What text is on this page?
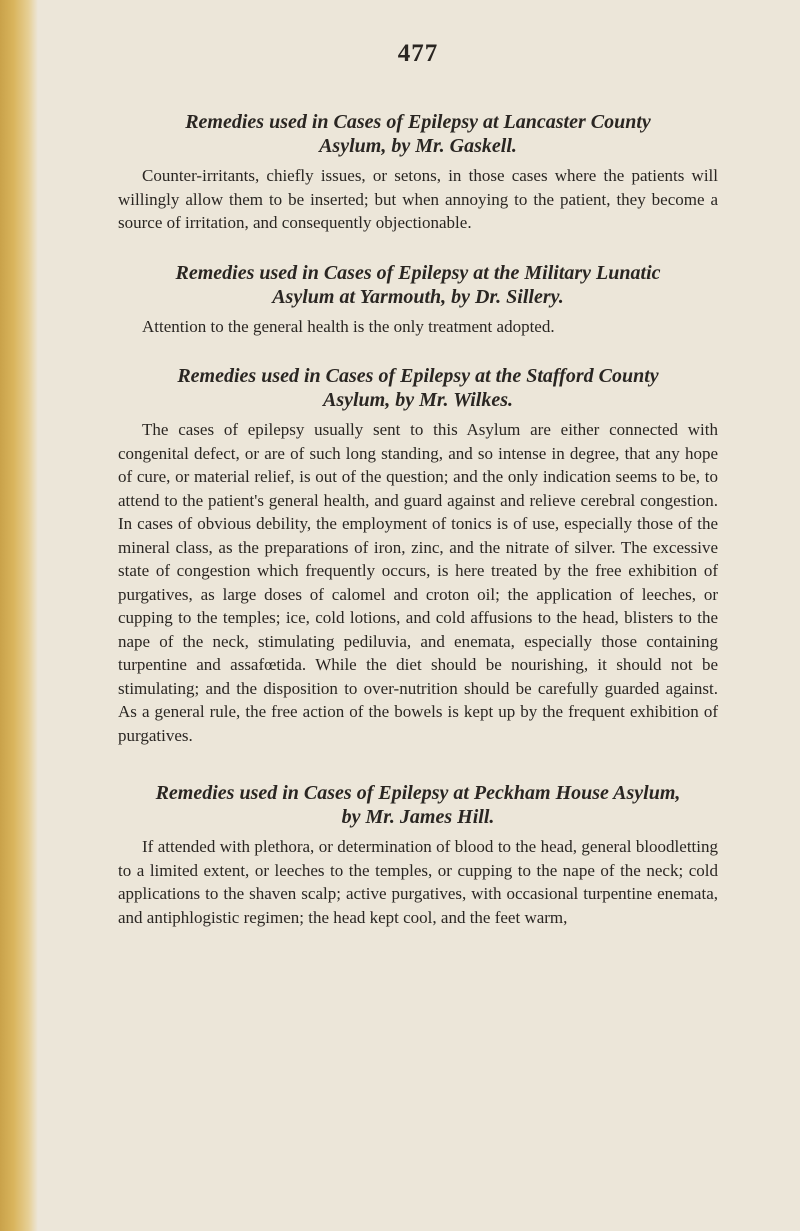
477
Remedies used in Cases of Epilepsy at Lancaster County
Asylum, by Mr. Gaskell.

Counter-irritants, chiefly issues, or setons, in those cases where the patients will willingly allow them to be inserted; but when annoying to the patient, they become a source of irritation, and consequently objectionable.

Remedies used in Cases of Epilepsy at the Military Lunatic
Asylum at Yarmouth, by Dr. Sillery.

Attention to the general health is the only treatment adopted.

Remedies used in Cases of Epilepsy at the Stafford County
Asylum, by Mr. Wilkes.

The cases of epilepsy usually sent to this Asylum are either connected with congenital defect, or are of such long standing, and so intense in degree, that any hope of cure, or material relief, is out of the question; and the only indication seems to be, to attend to the patient's general health, and guard against and relieve cerebral congestion. In cases of obvious debility, the employment of tonics is of use, especially those of the mineral class, as the preparations of iron, zinc, and the nitrate of silver. The excessive state of congestion which frequently occurs, is here treated by the free exhibition of purgatives, as large doses of calomel and croton oil; the application of leeches, or cupping to the temples; ice, cold lotions, and cold affusions to the head, blisters to the nape of the neck, stimulating pediluvia, and enemata, especially those containing turpentine and assafœtida. While the diet should be nourishing, it should not be stimulating; and the disposition to over-nutrition should be carefully guarded against. As a general rule, the free action of the bowels is kept up by the frequent exhibition of purgatives.

Remedies used in Cases of Epilepsy at Peckham House Asylum,
by Mr. James Hill.

If attended with plethora, or determination of blood to the head, general bloodletting to a limited extent, or leeches to the temples, or cupping to the nape of the neck; cold applications to the shaven scalp; active purgatives, with occasional turpentine enemata, and antiphlogistic regimen; the head kept cool, and the feet warm,
